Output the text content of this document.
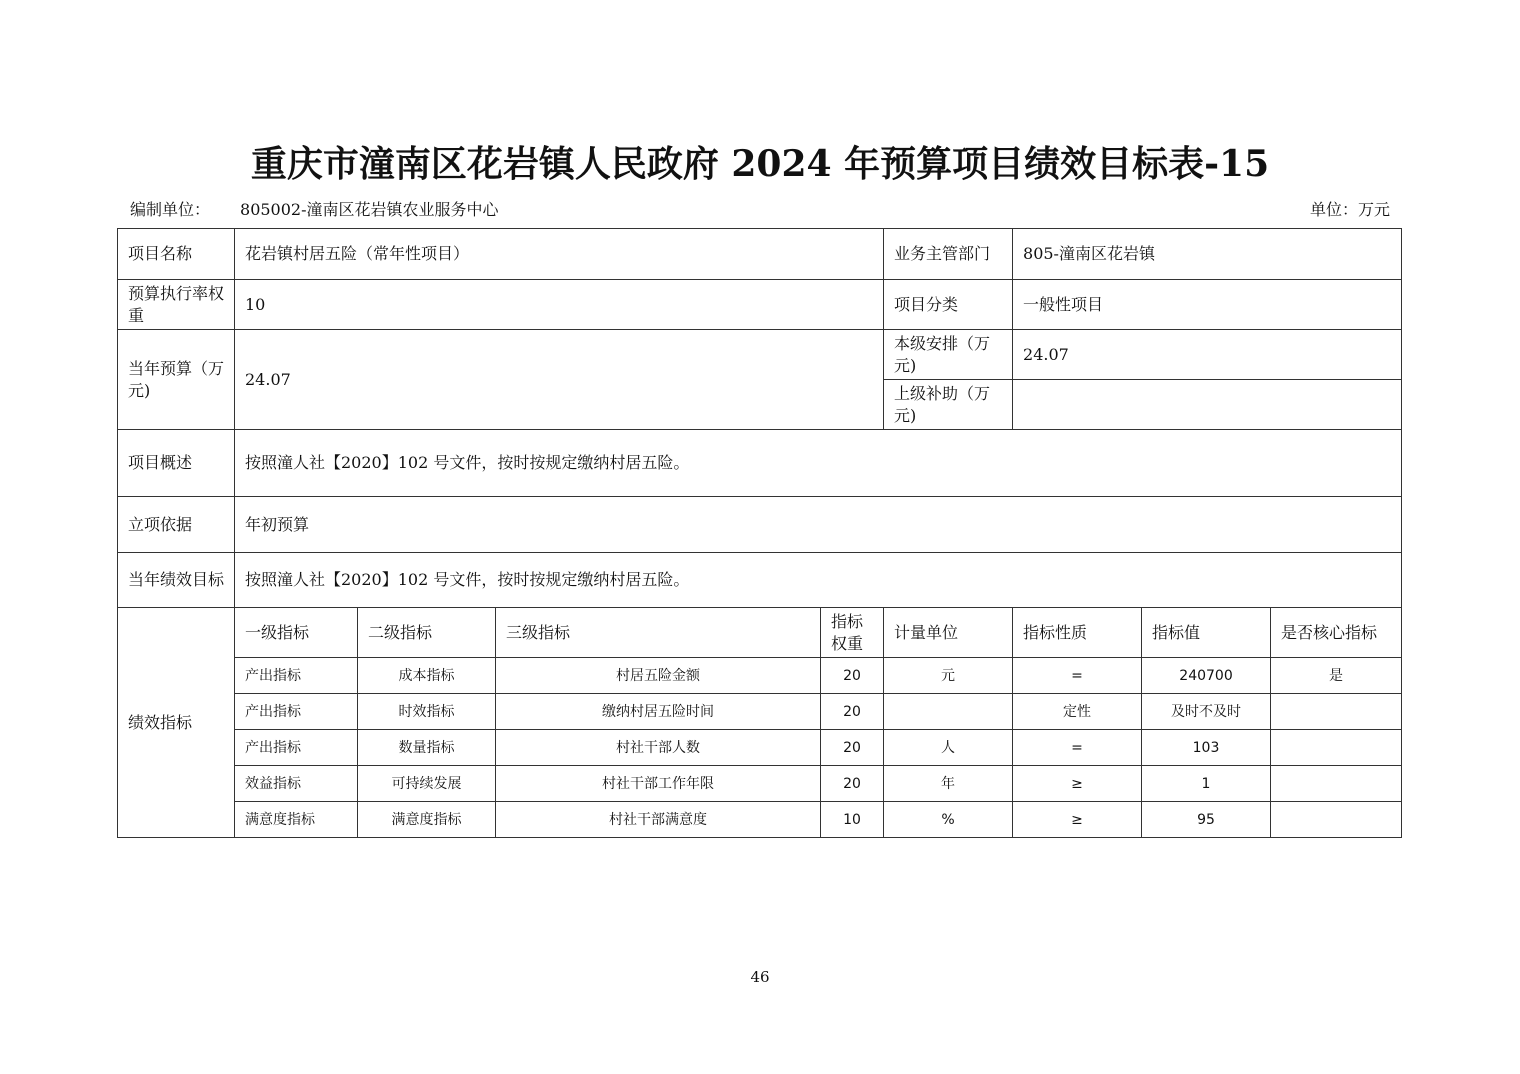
重庆市潼南区花岩镇人民政府 2024 年预算项目绩效目标表-15
编制单位： 805002-潼南区花岩镇农业服务中心	单位：万元
项目名称	花岩镇村居五险（常年性项目）				业务主管部门	805-潼南区花岩镇		
预算执行率权重	10				项目分类	一般性项目		
当年预算（万元)	24.07				本级安排（万元)	24.07		
					上级补助（万元)			
项目概述	按照潼人社【2020】102 号文件，按时按规定缴纳村居五险。							
立项依据	年初预算							
当年绩效目标	按照潼人社【2020】102 号文件，按时按规定缴纳村居五险。							
绩效指标	一级指标	二级指标	三级指标	指标权重	计量单位	指标性质	指标值	是否核心指标
	产出指标	成本指标	村居五险金额	20	元	=	240700	是
	产出指标	时效指标	缴纳村居五险时间	20		定性	及时不及时	
	产出指标	数量指标	村社干部人数	20	人	=	103	
	效益指标	可持续发展	村社干部工作年限	20	年	≥	1	
	满意度指标	满意度指标	村社干部满意度	10	%	≥	95	
46
